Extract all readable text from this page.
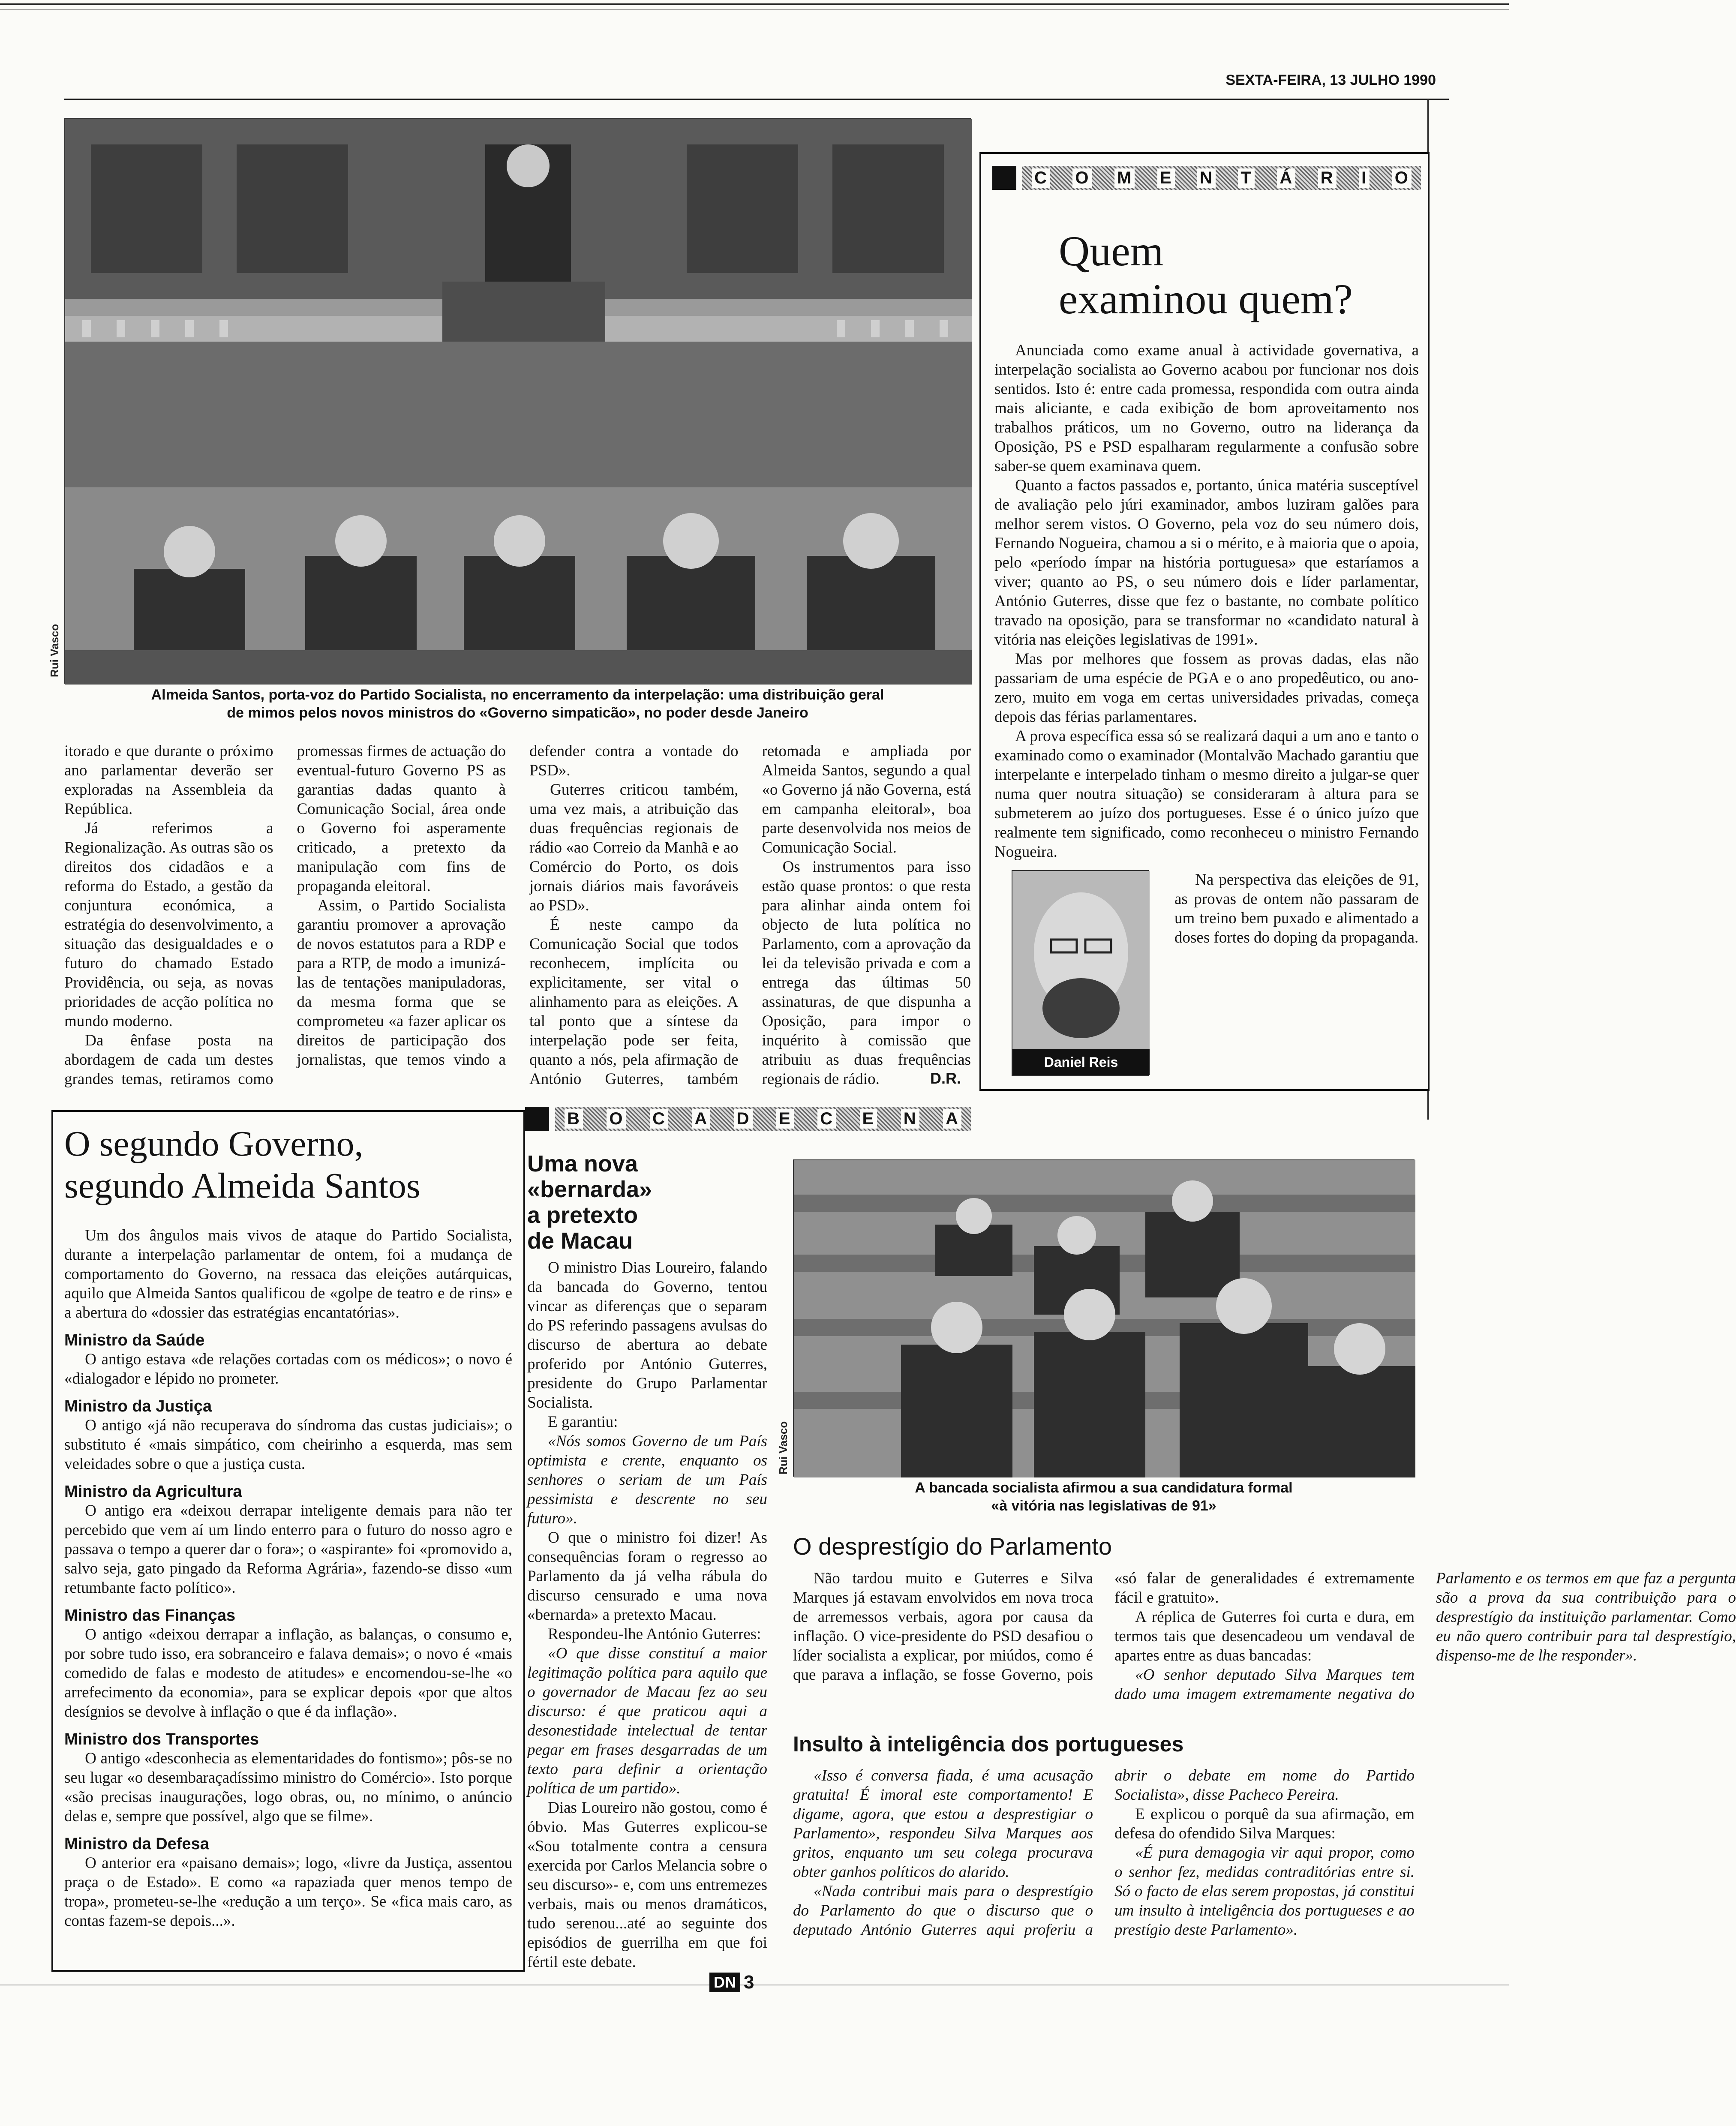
SEXTA-FEIRA, 13 JULHO 1990
Rui Vasco
Almeida Santos, porta-voz do Partido Socialista, no encerramento da interpelação: uma distribuição geral
de mimos pelos novos ministros do «Governo simpaticão», no poder desde Janeiro

itorado e que durante o próximo ano parlamentar deverão ser exploradas na Assembleia da República.

Já referimos a Regionalização. As outras são os direitos dos cidadãos e a reforma do Estado, a gestão da conjuntura económica, a estratégia do desenvolvimento, a situação das desigualdades e o futuro do chamado Estado Providência, ou seja, as novas prioridades de acção política no mundo moderno.

Da ênfase posta na abordagem de cada um destes grandes temas, retiramos como promessas firmes de actuação do eventual-futuro Governo PS as garantias dadas quanto à Comunicação Social, área onde o Governo foi asperamente criticado, a pretexto da manipulação com fins de propaganda eleitoral.

Assim, o Partido Socialista garantiu promover a aprovação de novos estatutos para a RDP e para a RTP, de modo a imunizá-las de tentações manipuladoras, da mesma forma que se comprometeu «a fazer aplicar os direitos de participação dos jornalistas, que temos vindo a defender contra a vontade do PSD».

Guterres criticou também, uma vez mais, a atribuição das duas frequências regionais de rádio «ao Correio da Manhã e ao Comércio do Porto, os dois jornais diários mais favoráveis ao PSD».

É neste campo da Comunicação Social que todos reconhecem, implícita ou explicitamente, ser vital o alinhamento para as eleições. A tal ponto que a síntese da interpelação pode ser feita, quanto a nós, pela afirmação de António Guterres, também retomada e ampliada por Almeida Santos, segundo a qual «o Governo já não Governa, está em campanha eleitoral», boa parte desenvolvida nos meios de Comunicação Social.

Os instrumentos para isso estão quase prontos: o que resta para alinhar ainda ontem foi objecto de luta política no Parlamento, com a aprovação da lei da televisão privada e com a entrega das últimas 50 assinaturas, de que dispunha a Oposição, para impor o inquérito à comissão que atribuiu as duas frequências regionais de rádio.	D.R.
C O M E N T Á R I O
Quem
examinou quem?

Anunciada como exame anual à actividade governativa, a interpelação socialista ao Governo acabou por funcionar nos dois sentidos. Isto é: entre cada promessa, respondida com outra ainda mais aliciante, e cada exibição de bom aproveitamento nos trabalhos práticos, um no Governo, outro na liderança da Oposição, PS e PSD espalharam regularmente a confusão sobre saber-se quem examinava quem.

Quanto a factos passados e, portanto, única matéria susceptível de avaliação pelo júri examinador, ambos luziram galões para melhor serem vistos. O Governo, pela voz do seu número dois, Fernando Nogueira, chamou a si o mérito, e à maioria que o apoia, pelo «período ímpar na história portuguesa» que estaríamos a viver; quanto ao PS, o seu número dois e líder parlamentar, António Guterres, disse que fez o bastante, no combate político travado na oposição, para se transformar no «candidato natural à vitória nas eleições legislativas de 1991».

Mas por melhores que fossem as provas dadas, elas não passariam de uma espécie de PGA e o ano propedêutico, ou ano-zero, muito em voga em certas universidades privadas, começa depois das férias parlamentares.

A prova específica essa só se realizará daqui a um ano e tanto o examinado como o examinador (Montalvão Machado garantiu que interpelante e interpelado tinham o mesmo direito a julgar-se quer numa quer noutra situação) se consideraram à altura para se submeterem ao juízo dos portugueses. Esse é o único juízo que realmente tem significado, como reconheceu o ministro Fernando Nogueira.

Daniel Reis

Na perspectiva das eleições de 91, as provas de ontem não passaram de um treino bem puxado e alimentado a doses fortes do doping da propaganda.

O segundo Governo,
segundo Almeida Santos

Um dos ângulos mais vivos de ataque do Partido Socialista, durante a interpelação parlamentar de ontem, foi a mudança de comportamento do Governo, na ressaca das eleições autárquicas, aquilo que Almeida Santos qualificou de «golpe de teatro e de rins» e a abertura do «dossier das estratégias encantatórias».

Ministro da Saúde

O antigo estava «de relações cortadas com os médicos»; o novo é «dialogador e lépido no prometer.

Ministro da Justiça

O antigo «já não recuperava do síndroma das custas judiciais»; o substituto é «mais simpático, com cheirinho a esquerda, mas sem veleidades sobre o que a justiça custa.

Ministro da Agricultura

O antigo era «deixou derrapar inteligente demais para não ter percebido que vem aí um lindo enterro para o futuro do nosso agro e passava o tempo a querer dar o fora»; o «aspirante» foi «promovido a, salvo seja, gato pingado da Reforma Agrária», fazendo-se disso «um retumbante facto político».

Ministro das Finanças

O antigo «deixou derrapar a inflação, as balanças, o consumo e, por sobre tudo isso, era sobranceiro e falava demais»; o novo é «mais comedido de falas e modesto de atitudes» e encomendou-se-lhe «o arrefecimento da economia», para se explicar depois «por que altos desígnios se devolve à inflação o que é da inflação».

Ministro dos Transportes

O antigo «desconhecia as elementaridades do fontismo»; pôs-se no seu lugar «o desembaraçadíssimo ministro do Comércio». Isto porque «são precisas inaugurações, logo obras, ou, no mínimo, o anúncio delas e, sempre que possível, algo que se filme».

Ministro da Defesa

O anterior era «paisano demais»; logo, «livre da Justiça, assentou praça o de Estado». E como «a rapaziada quer menos tempo de tropa», prometeu-se-lhe «redução a um terço». Se «fica mais caro, as contas fazem-se depois...».

B O C A D E C E N A
Uma nova
«bernarda»
a pretexto
de Macau

O ministro Dias Loureiro, falando da bancada do Governo, tentou vincar as diferenças que o separam do PS referindo passagens avulsas do discurso de abertura ao debate proferido por António Guterres, presidente do Grupo Parlamentar Socialista.

E garantiu:

«Nós somos Governo de um País optimista e crente, enquanto os senhores o seriam de um País pessimista e descrente no seu futuro».

O que o ministro foi dizer! As consequências foram o regresso ao Parlamento da já velha rábula do discurso censurado e uma nova «bernarda» a pretexto Macau.

Respondeu-lhe António Guterres:

«O que disse constituí a maior legitimação política para aquilo que o governador de Macau fez ao seu discurso: é que praticou aqui a desonestidade intelectual de tentar pegar em frases desgarradas de um texto para definir a orientação política de um partido».

Dias Loureiro não gostou, como é óbvio. Mas Guterres explicou-se «Sou totalmente contra a censura exercida por Carlos Melancia sobre o seu discurso»- e, com uns entremezes verbais, mais ou menos dramáticos, tudo serenou...até ao seguinte dos episódios de guerrilha em que foi fértil este debate.

Rui Vasco
A bancada socialista afirmou a sua candidatura formal
«à vitória nas legislativas de 91»
O desprestígio do Parlamento

Não tardou muito e Guterres e Silva Marques já estavam envolvidos em nova troca de arremessos verbais, agora por causa da inflação. O vice-presidente do PSD desafiou o líder socialista a explicar, por miúdos, como é que parava a inflação, se fosse Governo, pois «só falar de generalidades é extremamente fácil e gratuito».

A réplica de Guterres foi curta e dura, em termos tais que desencadeou um vendaval de apartes entre as duas bancadas:

«O senhor deputado Silva Marques tem dado uma imagem extremamente negativa do Parlamento e os termos em que faz a pergunta são a prova da sua contribuição para o desprestígio da instituição parlamentar. Como eu não quero contribuir para tal desprestígio, dispenso-me de lhe responder».

Insulto à inteligência dos portugueses

«Isso é conversa fiada, é uma acusação gratuita! É imoral este comportamento! E digame, agora, que estou a desprestigiar o Parlamento», respondeu Silva Marques aos gritos, enquanto um seu colega procurava obter ganhos políticos do alarido.

«Nada contribui mais para o desprestígio do Parlamento do que o discurso que o deputado António Guterres aqui proferiu a abrir o debate em nome do Partido Socialista», disse Pacheco Pereira.

E explicou o porquê da sua afirmação, em defesa do ofendido Silva Marques:

«É pura demagogia vir aqui propor, como o senhor fez, medidas contraditórias entre si. Só o facto de elas serem propostas, já constitui um insulto à inteligência dos portugueses e ao prestígio deste Parlamento».

DN 3
